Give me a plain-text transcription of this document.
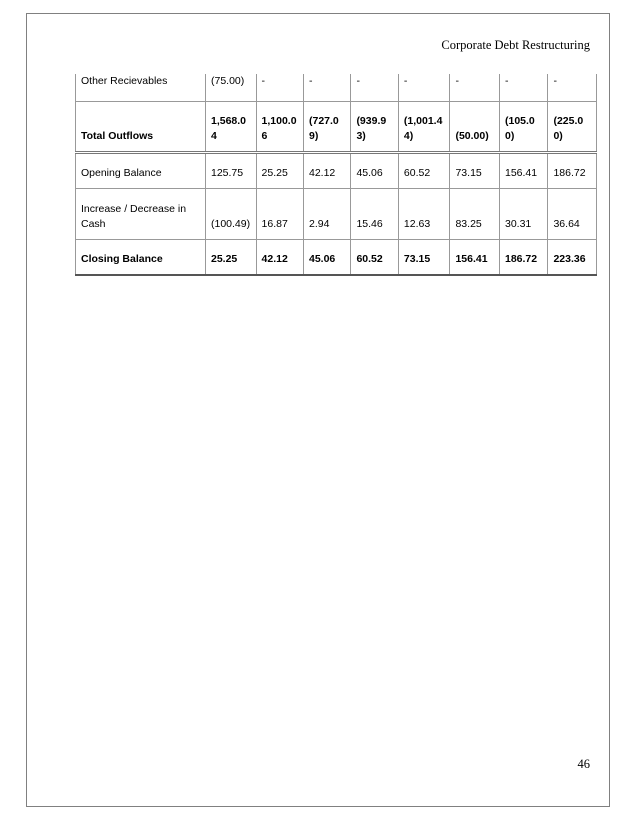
Corporate Debt Restructuring
Other Recievables	(75.00)	-	-	-	-	-	-	-
Total Outflows	1,568.04	1,100.06	(727.09)	(939.93)	(1,001.44)	(50.00)	(105.00)	(225.00)
Opening Balance	125.75	25.25	42.12	45.06	60.52	73.15	156.41	186.72
Increase / Decrease in Cash	(100.49)	16.87	2.94	15.46	12.63	83.25	30.31	36.64
Closing Balance	25.25	42.12	45.06	60.52	73.15	156.41	186.72	223.36
46
